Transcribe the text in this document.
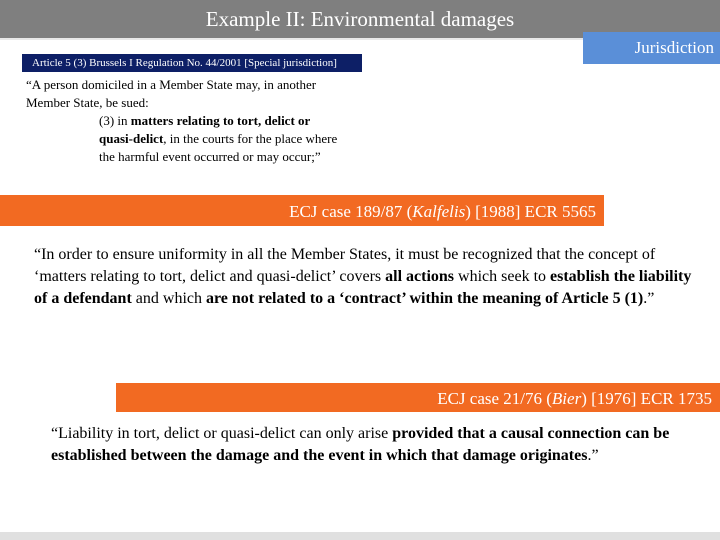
Example II: Environmental damages
Jurisdiction
Article 5 (3) Brussels I Regulation No. 44/2001 [Special jurisdiction]
“A person domiciled in a Member State may, in another Member State, be sued:
(3) in matters relating to tort, delict or quasi-delict, in the courts for the place where the harmful event occurred or may occur;”
ECJ case 189/87 (Kalfelis) [1988] ECR 5565
“In order to ensure uniformity in all the Member States, it must be recognized that the concept of ‘matters relating to tort, delict and quasi-delict’ covers all actions which seek to establish the liability of a defendant and which are not related to a ‘contract’ within the meaning of Article 5 (1).”
ECJ case 21/76 (Bier) [1976] ECR 1735
“Liability in tort, delict or quasi-delict can only arise provided that a causal connection can be established between the damage and the event in which that damage originates.”
